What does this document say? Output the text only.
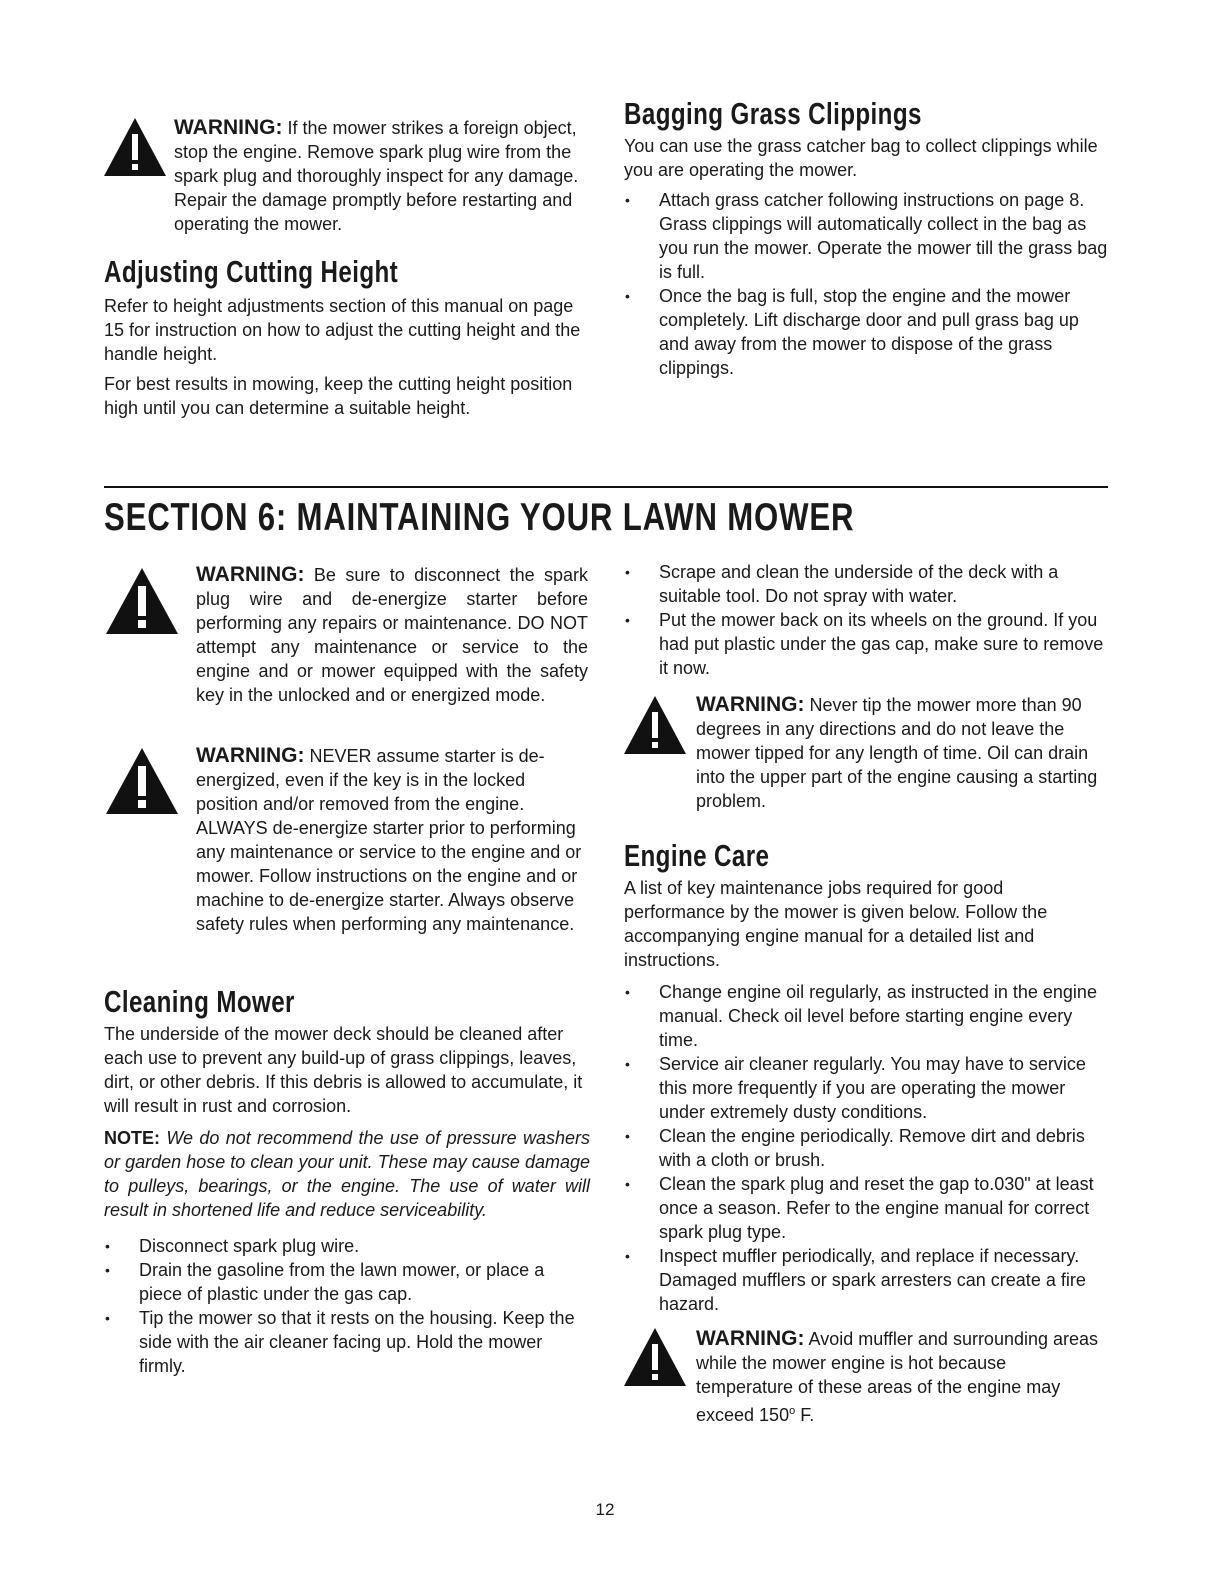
WARNING: If the mower strikes a foreign object, stop the engine. Remove spark plug wire from the spark plug and thoroughly inspect for any damage. Repair the damage promptly before restarting and operating the mower.

Adjusting Cutting Height

Refer to height adjustments section of this manual on page 15 for instruction on how to adjust the cutting height and the handle height.

For best results in mowing, keep the cutting height position high until you can determine a suitable height.

Bagging Grass Clippings

You can use the grass catcher bag to collect clippings while you are operating the mower.

• Attach grass catcher following instructions on page 8. Grass clippings will automatically collect in the bag as you run the mower. Operate the mower till the grass bag is full.
• Once the bag is full, stop the engine and the mower completely. Lift discharge door and pull grass bag up and away from the mower to dispose of the grass clippings.
SECTION 6: MAINTAINING YOUR LAWN MOWER

WARNING: Be sure to disconnect the spark plug wire and de-energize starter before performing any repairs or maintenance. DO NOT attempt any maintenance or service to the engine and or mower equipped with the safety key in the unlocked and or energized mode.

WARNING: NEVER assume starter is de-energized, even if the key is in the locked position and/or removed from the engine. ALWAYS de-energize starter prior to performing any maintenance or service to the engine and or mower. Follow instructions on the engine and or machine to de-energize starter. Always observe safety rules when performing any maintenance.

Cleaning Mower

The underside of the mower deck should be cleaned after each use to prevent any build-up of grass clippings, leaves, dirt, or other debris. If this debris is allowed to accumulate, it will result in rust and corrosion.

NOTE: We do not recommend the use of pressure washers or garden hose to clean your unit. These may cause damage to pulleys, bearings, or the engine. The use of water will result in shortened life and reduce serviceability.

• Disconnect spark plug wire.
• Drain the gasoline from the lawn mower, or place a piece of plastic under the gas cap.
• Tip the mower so that it rests on the housing. Keep the side with the air cleaner facing up. Hold the mower firmly.
• Scrape and clean the underside of the deck with a suitable tool. Do not spray with water.
• Put the mower back on its wheels on the ground. If you had put plastic under the gas cap, make sure to remove it now.

WARNING: Never tip the mower more than 90 degrees in any directions and do not leave the mower tipped for any length of time. Oil can drain into the upper part of the engine causing a starting problem.

Engine Care

A list of key maintenance jobs required for good performance by the mower is given below. Follow the accompanying engine manual for a detailed list and instructions.

• Change engine oil regularly, as instructed in the engine manual. Check oil level before starting engine every time.
• Service air cleaner regularly. You may have to service this more frequently if you are operating the mower under extremely dusty conditions.
• Clean the engine periodically. Remove dirt and debris with a cloth or brush.
• Clean the spark plug and reset the gap to.030" at least once a season. Refer to the engine manual for correct spark plug type.
• Inspect muffler periodically, and replace if necessary. Damaged mufflers or spark arresters can create a fire hazard.

WARNING: Avoid muffler and surrounding areas while the mower engine is hot because temperature of these areas of the engine may exceed 150$^o$ F.

12
